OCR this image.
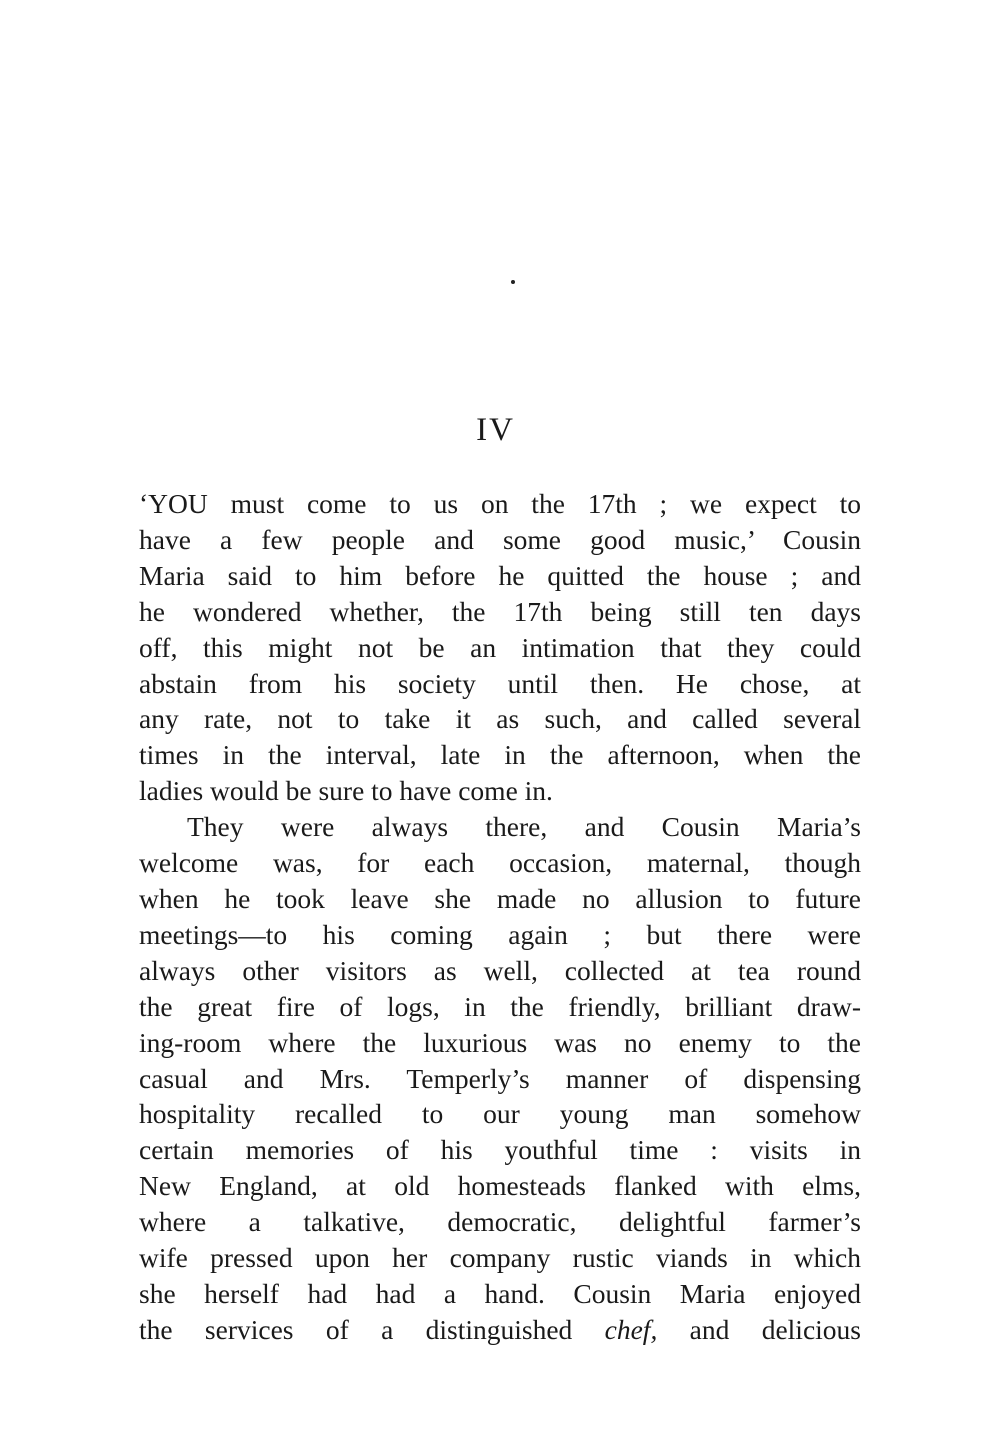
IV
‘YOU must come to us on the 17th ; we expect to
have a few people and some good music,’ Cousin
Maria said to him before he quitted the house ; and
he wondered whether, the 17th being still ten days
off, this might not be an intimation that they could
abstain from his society until then. He chose, at
any rate, not to take it as such, and called several
times in the interval, late in the afternoon, when the
ladies would be sure to have come in.
They were always there, and Cousin Maria’s
welcome was, for each occasion, maternal, though
when he took leave she made no allusion to future
meetings—to his coming again ; but there were
always other visitors as well, collected at tea round
the great fire of logs, in the friendly, brilliant draw-
ing-room where the luxurious was no enemy to the
casual and Mrs. Temperly’s manner of dispensing
hospitality recalled to our young man somehow
certain memories of his youthful time : visits in
New England, at old homesteads flanked with elms,
where a talkative, democratic, delightful farmer’s
wife pressed upon her company rustic viands in which
she herself had had a hand. Cousin Maria enjoyed
the services of a distinguished chef, and delicious
